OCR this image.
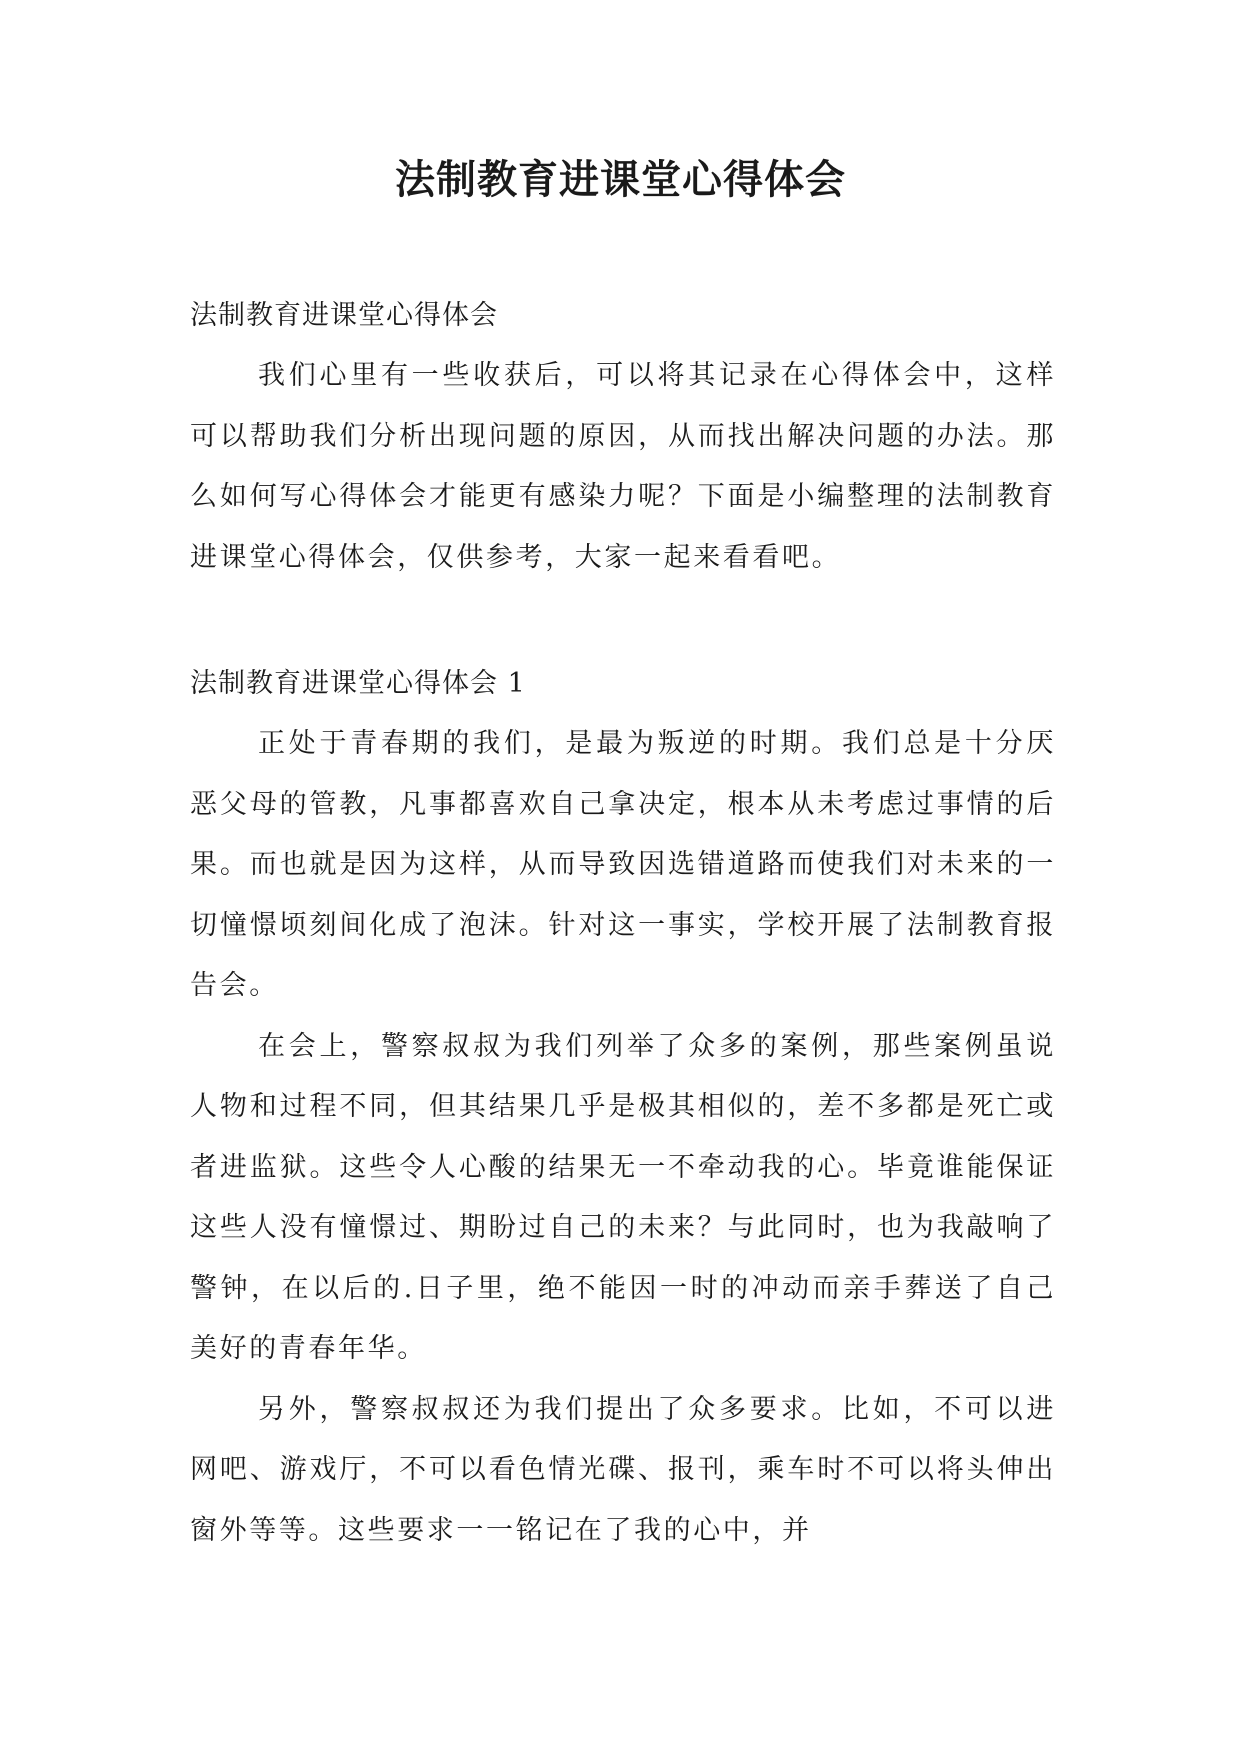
法制教育进课堂心得体会

法制教育进课堂心得体会

我们心里有一些收获后，可以将其记录在心得体会中，这样可以帮助我们分析出现问题的原因，从而找出解决问题的办法。那么如何写心得体会才能更有感染力呢？下面是小编整理的法制教育进课堂心得体会，仅供参考，大家一起来看看吧。

法制教育进课堂心得体会 1

正处于青春期的我们，是最为叛逆的时期。我们总是十分厌恶父母的管教，凡事都喜欢自己拿决定，根本从未考虑过事情的后果。而也就是因为这样，从而导致因选错道路而使我们对未来的一切憧憬顷刻间化成了泡沫。针对这一事实，学校开展了法制教育报告会。

在会上，警察叔叔为我们列举了众多的案例，那些案例虽说人物和过程不同，但其结果几乎是极其相似的，差不多都是死亡或者进监狱。这些令人心酸的结果无一不牵动我的心。毕竟谁能保证这些人没有憧憬过、期盼过自己的未来？与此同时，也为我敲响了警钟，在以后的.日子里，绝不能因一时的冲动而亲手葬送了自己美好的青春年华。

另外，警察叔叔还为我们提出了众多要求。比如，不可以进网吧、游戏厅，不可以看色情光碟、报刊，乘车时不可以将头伸出窗外等等。这些要求一一铭记在了我的心中，并
